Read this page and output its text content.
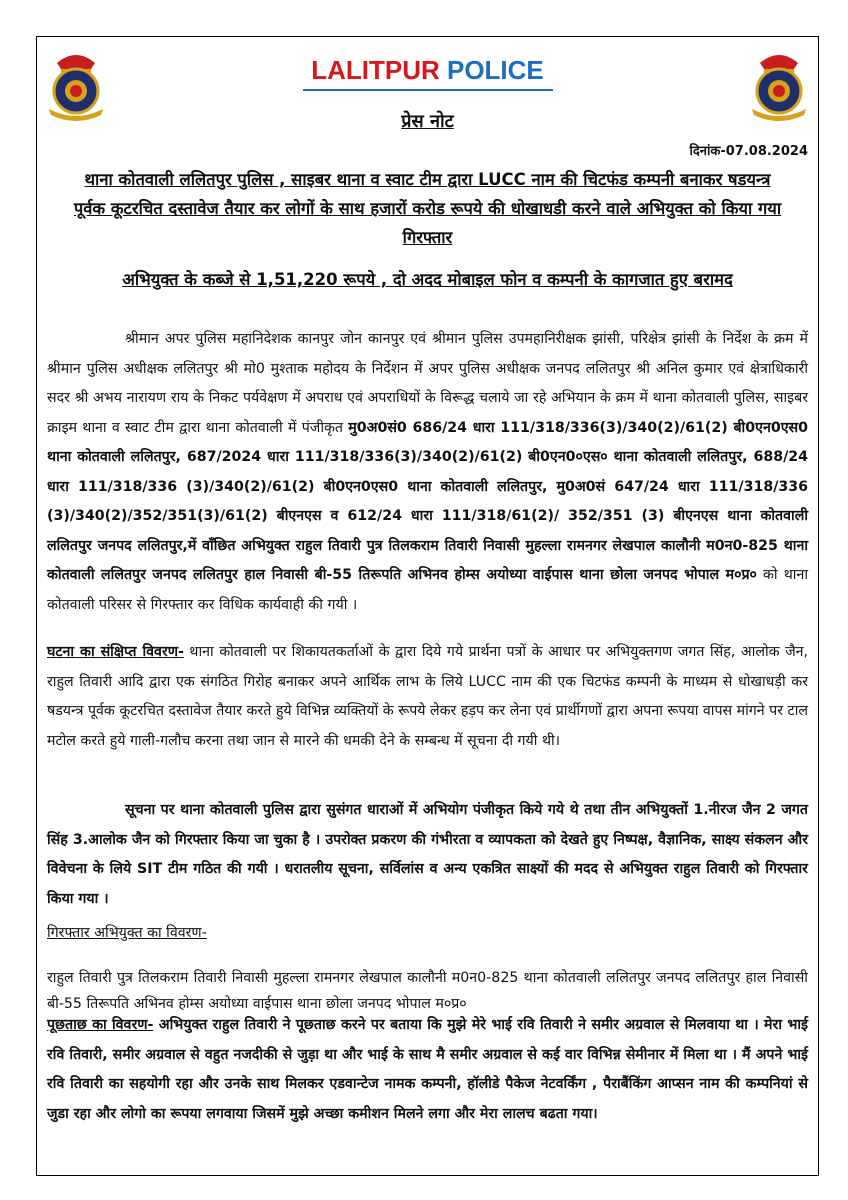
LALITPUR POLICE
प्रेस नोट
दिनांक-07.08.2024
थाना कोतवाली ललितपुर पुलिस , साइबर थाना व स्वाट टीम द्वारा LUCC नाम की चिटफंड कम्पनी बनाकर षडयन्त्र पूर्वक कूटरचित दस्तावेज तैयार कर लोगों के साथ हजारों करोड रूपये की धोखाधडी करने वाले अभियुक्त को किया गया गिरफ्तार
अभियुक्त के कब्जे से 1,51,220 रूपये , दो अदद मोबाइल फोन व कम्पनी के कागजात हुए बरामद
श्रीमान अपर पुलिस महानिदेशक कानपुर जोन कानपुर एवं श्रीमान पुलिस उपमहानिरीक्षक झांसी, परिक्षेत्र झांसी के निर्देश के क्रम में श्रीमान पुलिस अधीक्षक ललितपुर श्री मो0 मुश्ताक महोदय के निर्देशन में अपर पुलिस अधीक्षक जनपद ललितपुर श्री अनिल कुमार एवं क्षेत्राधिकारी सदर श्री अभय नारायण राय के निकट पर्यवेक्षण में अपराध एवं अपराधियों के विरूद्ध चलाये जा रहे अभियान के क्रम में थाना कोतवाली पुलिस, साइबर क्राइम थाना व स्वाट टीम द्वारा थाना कोतवाली में पंजीकृत मु0अ0सं0 686/24 धारा 111/318/336(3)/340(2)/61(2) बी0एन0एस0 थाना कोतवाली ललितपुर, 687/2024 धारा 111/318/336(3)/340(2)/61(2) बी0एन0०एस० थाना कोतवाली ललितपुर, 688/24 धारा 111/318/336 (3)/340(2)/61(2) बी0एन0एस0 थाना कोतवाली ललितपुर, मु0अ0सं 647/24 धारा 111/318/336 (3)/340(2)/352/351(3)/61(2) बीएनएस व 612/24 धारा 111/318/61(2)/ 352/351 (3) बीएनएस थाना कोतवाली ललितपुर जनपद ललितपुर,में वाँछित अभियुक्त राहुल तिवारी पुत्र तिलकराम तिवारी निवासी मुहल्ला रामनगर लेखपाल कालौनी म0न0-825 थाना कोतवाली ललितपुर जनपद ललितपुर हाल निवासी बी-55 तिरूपति अभिनव होम्स अयोध्या वाईपास थाना छोला जनपद भोपाल म०प्र० को थाना कोतवाली परिसर से गिरफ्तार कर विधिक कार्यवाही की गयी ।
घटना का संक्षिप्त विवरण- थाना कोतवाली पर शिकायतकर्ताओं के द्वारा दिये गये प्रार्थना पत्रों के आधार पर अभियुक्तगण जगत सिंह, आलोक जैन, राहुल तिवारी आदि द्वारा एक संगठित गिरोह बनाकर अपने आर्थिक लाभ के लिये LUCC नाम की एक चिटफंड कम्पनी के माध्यम से धोखाधड़ी कर षडयन्त्र पूर्वक कूटरचित दस्तावेज तैयार करते हुये विभिन्न व्यक्तियों के रूपये लेकर हड़प कर लेना एवं प्रार्थीगणों द्वारा अपना रूपया वापस मांगने पर टाल मटोल करते हुये गाली-गलौच करना तथा जान से मारने की धमकी देने के सम्बन्ध में सूचना दी गयी थी।
सूचना पर थाना कोतवाली पुलिस द्वारा सुसंगत धाराओं में अभियोग पंजीकृत किये गये थे तथा तीन अभियुक्तों 1.नीरज जैन 2 जगत सिंह 3.आलोक जैन को गिरफ्तार किया जा चुका है । उपरोक्त प्रकरण की गंभीरता व व्यापकता को देखते हुए निष्पक्ष, वैज्ञानिक, साक्ष्य संकलन और विवेचना के लिये SIT टीम गठित की गयी । धरातलीय सूचना, सर्विलांस व अन्य एकत्रित साक्ष्यों की मदद से अभियुक्त राहुल तिवारी को गिरफ्तार किया गया ।
गिरफ्तार अभियुक्त का विवरण-

राहुल तिवारी पुत्र तिलकराम तिवारी निवासी मुहल्ला रामनगर लेखपाल कालौनी म0न0-825 थाना कोतवाली ललितपुर जनपद ललितपुर हाल निवासी बी-55 तिरूपति अभिनव होम्स अयोध्या वाईपास थाना छोला जनपद भोपाल म०प्र०
पूछताछ का विवरण- अभियुक्त राहुल तिवारी ने पूछताछ करने पर बताया कि मुझे मेरे भाई रवि तिवारी ने समीर अग्रवाल से मिलवाया था । मेरा भाई रवि तिवारी, समीर अग्रवाल से वहुत नजदीकी से जुड़ा था और भाई के साथ मै समीर अग्रवाल से कई वार विभिन्न सेमीनार में मिला था । मैं अपने भाई रवि तिवारी का सहयोगी रहा और उनके साथ मिलकर एडवान्टेज नामक कम्पनी, हॉलीडे पैकेज नेटवर्किंग , पैराबैंकिंग आप्सन नाम की कम्पनियां से जुडा रहा और लोगो का रूपया लगवाया जिसमें मुझे अच्छा कमीशन मिलने लगा और मेरा लालच बढता गया।
